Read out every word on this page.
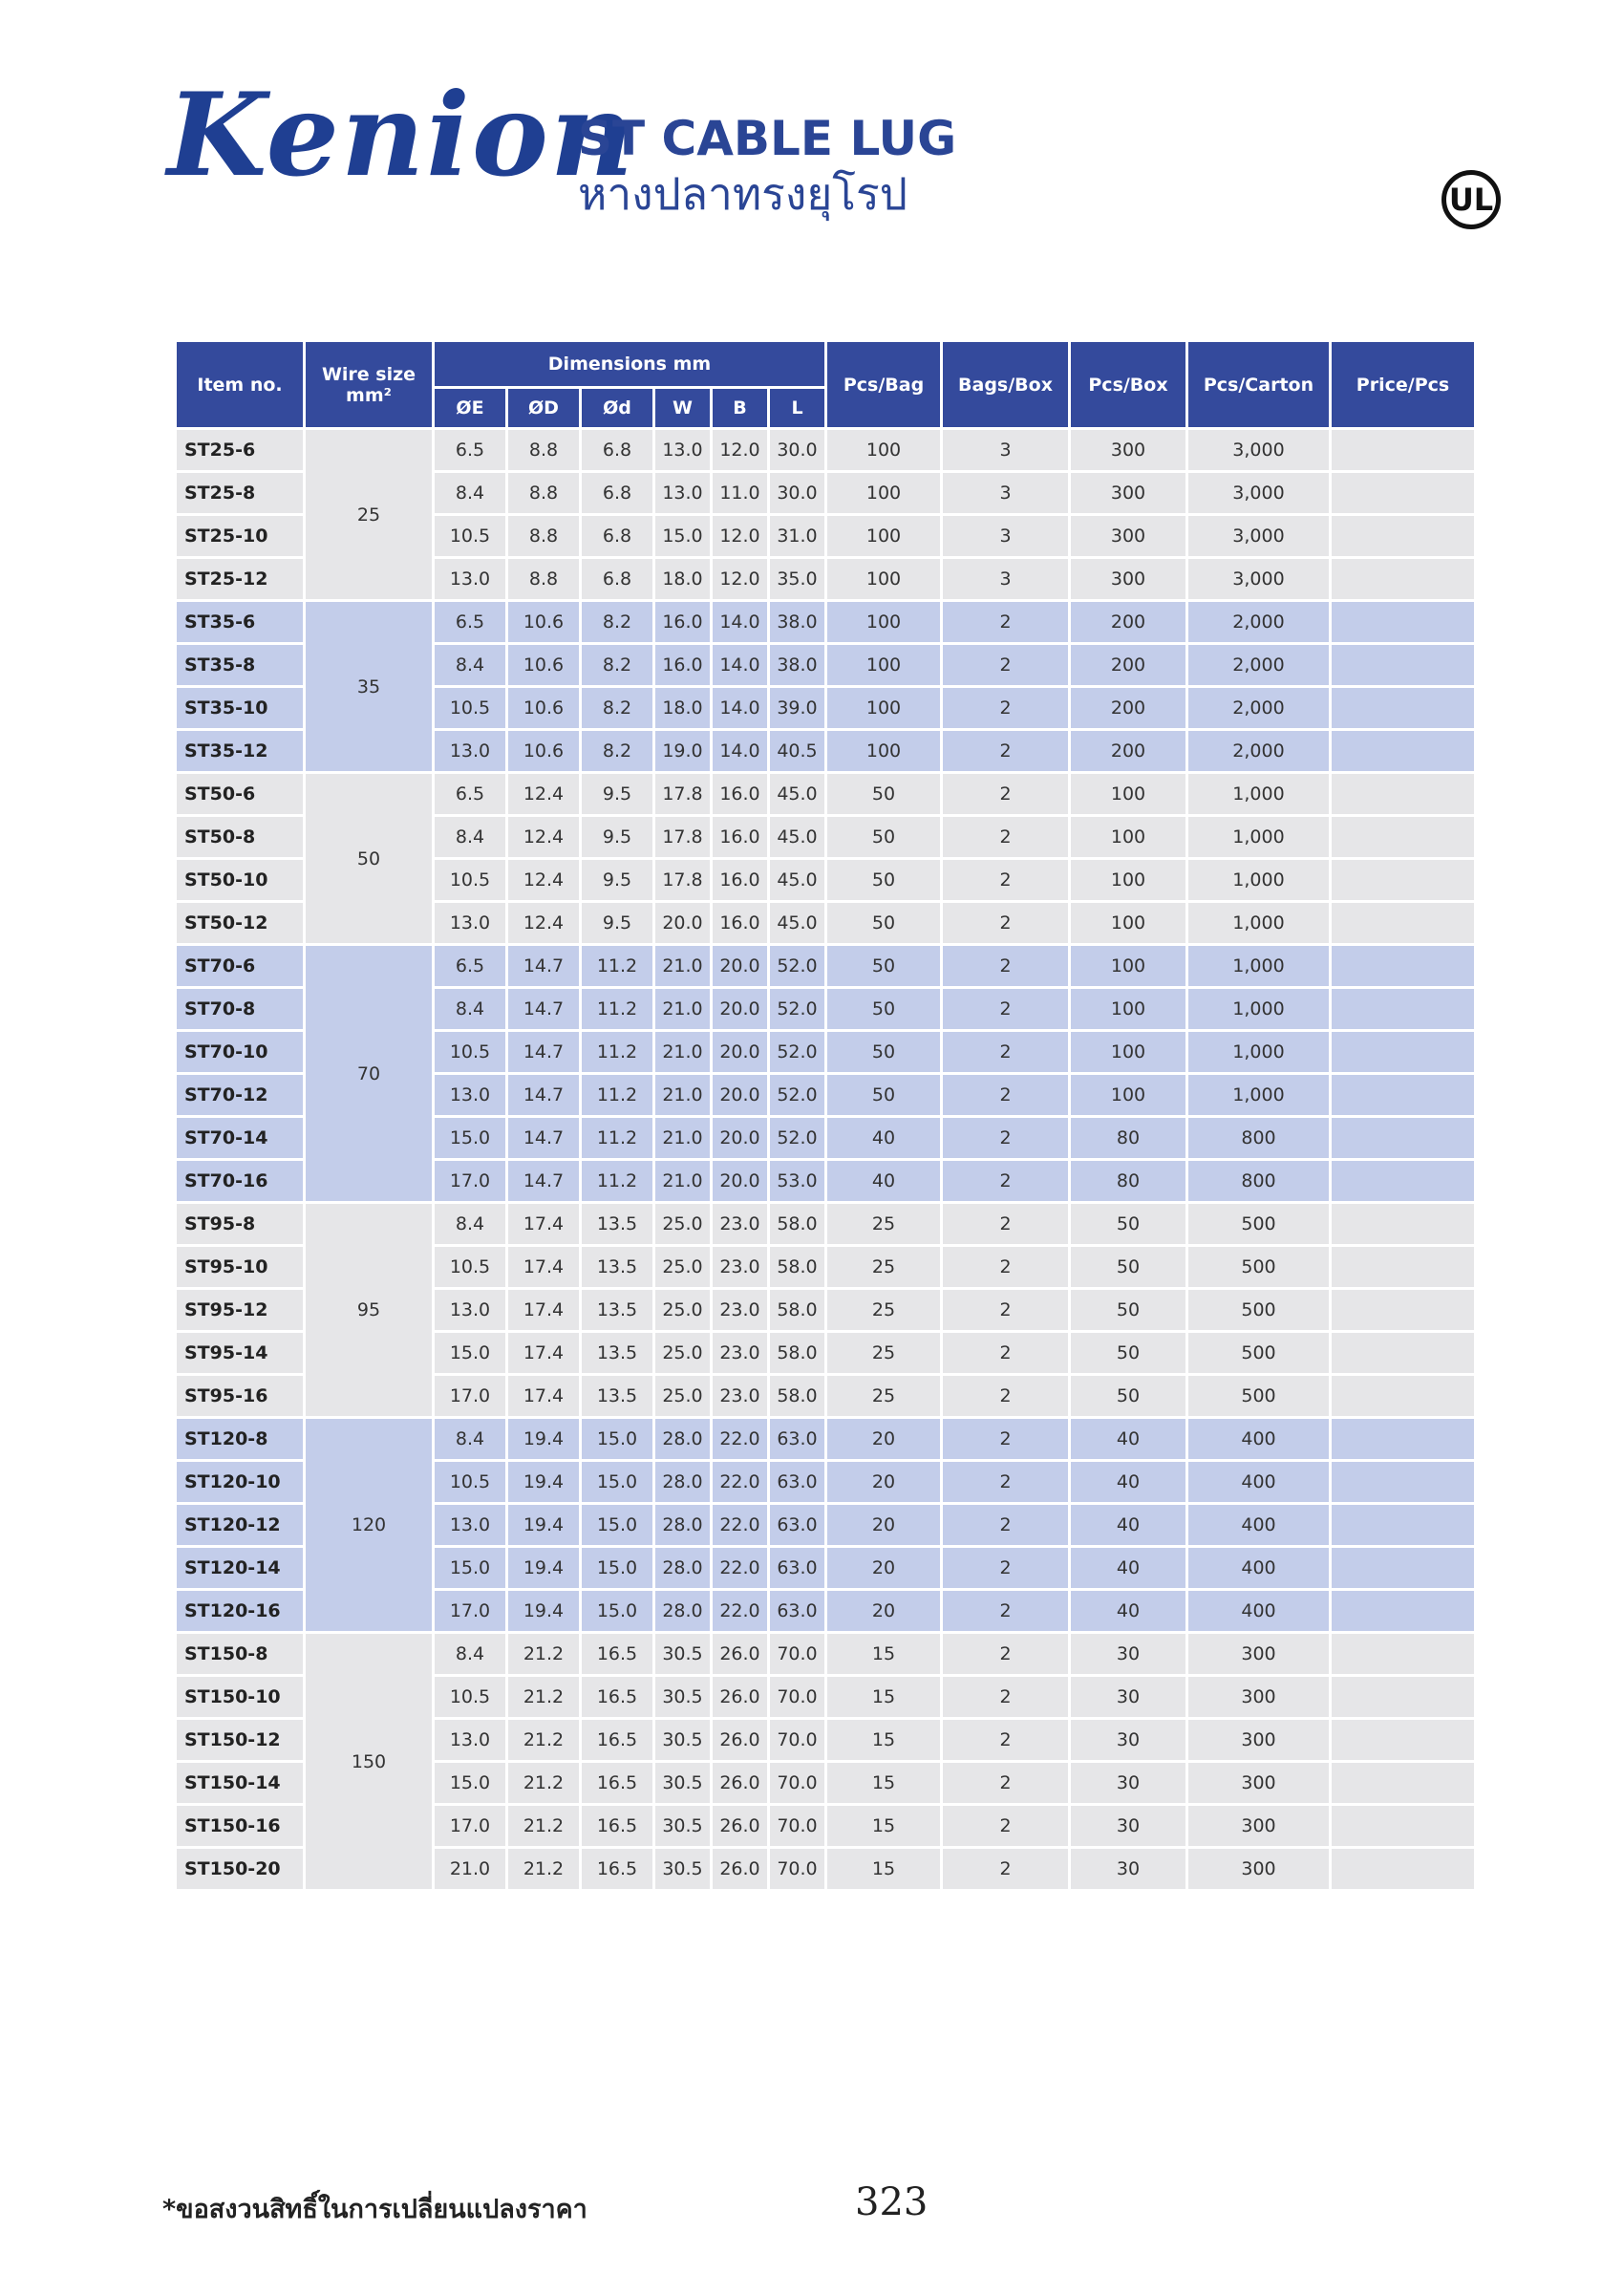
Kenion
ST CABLE LUG
หางปลาทรงยุโรป	UL
Item no.	Wire size
mm²	Dimensions mm						Pcs/Bag	Bags/Box	Pcs/Box	Pcs/Carton	Price/Pcs
		ØE	ØD	Ød	W	B	L					
ST25-6	25	6.5	8.8	6.8	13.0	12.0	30.0	100	3	300	3,000	
ST25-8		8.4	8.8	6.8	13.0	11.0	30.0	100	3	300	3,000	
ST25-10		10.5	8.8	6.8	15.0	12.0	31.0	100	3	300	3,000	
ST25-12		13.0	8.8	6.8	18.0	12.0	35.0	100	3	300	3,000	
ST35-6	35	6.5	10.6	8.2	16.0	14.0	38.0	100	2	200	2,000	
ST35-8		8.4	10.6	8.2	16.0	14.0	38.0	100	2	200	2,000	
ST35-10		10.5	10.6	8.2	18.0	14.0	39.0	100	2	200	2,000	
ST35-12		13.0	10.6	8.2	19.0	14.0	40.5	100	2	200	2,000	
ST50-6	50	6.5	12.4	9.5	17.8	16.0	45.0	50	2	100	1,000	
ST50-8		8.4	12.4	9.5	17.8	16.0	45.0	50	2	100	1,000	
ST50-10		10.5	12.4	9.5	17.8	16.0	45.0	50	2	100	1,000	
ST50-12		13.0	12.4	9.5	20.0	16.0	45.0	50	2	100	1,000	
ST70-6	70	6.5	14.7	11.2	21.0	20.0	52.0	50	2	100	1,000	
ST70-8		8.4	14.7	11.2	21.0	20.0	52.0	50	2	100	1,000	
ST70-10		10.5	14.7	11.2	21.0	20.0	52.0	50	2	100	1,000	
ST70-12		13.0	14.7	11.2	21.0	20.0	52.0	50	2	100	1,000	
ST70-14		15.0	14.7	11.2	21.0	20.0	52.0	40	2	80	800	
ST70-16		17.0	14.7	11.2	21.0	20.0	53.0	40	2	80	800	
ST95-8	95	8.4	17.4	13.5	25.0	23.0	58.0	25	2	50	500	
ST95-10		10.5	17.4	13.5	25.0	23.0	58.0	25	2	50	500	
ST95-12		13.0	17.4	13.5	25.0	23.0	58.0	25	2	50	500	
ST95-14		15.0	17.4	13.5	25.0	23.0	58.0	25	2	50	500	
ST95-16		17.0	17.4	13.5	25.0	23.0	58.0	25	2	50	500	
ST120-8	120	8.4	19.4	15.0	28.0	22.0	63.0	20	2	40	400	
ST120-10		10.5	19.4	15.0	28.0	22.0	63.0	20	2	40	400	
ST120-12		13.0	19.4	15.0	28.0	22.0	63.0	20	2	40	400	
ST120-14		15.0	19.4	15.0	28.0	22.0	63.0	20	2	40	400	
ST120-16		17.0	19.4	15.0	28.0	22.0	63.0	20	2	40	400	
ST150-8	150	8.4	21.2	16.5	30.5	26.0	70.0	15	2	30	300	
ST150-10		10.5	21.2	16.5	30.5	26.0	70.0	15	2	30	300	
ST150-12		13.0	21.2	16.5	30.5	26.0	70.0	15	2	30	300	
ST150-14		15.0	21.2	16.5	30.5	26.0	70.0	15	2	30	300	
ST150-16		17.0	21.2	16.5	30.5	26.0	70.0	15	2	30	300	
ST150-20		21.0	21.2	16.5	30.5	26.0	70.0	15	2	30	300	
*ขอสงวนสิทธิ์ในการเปลี่ยนแปลงราคา	323
